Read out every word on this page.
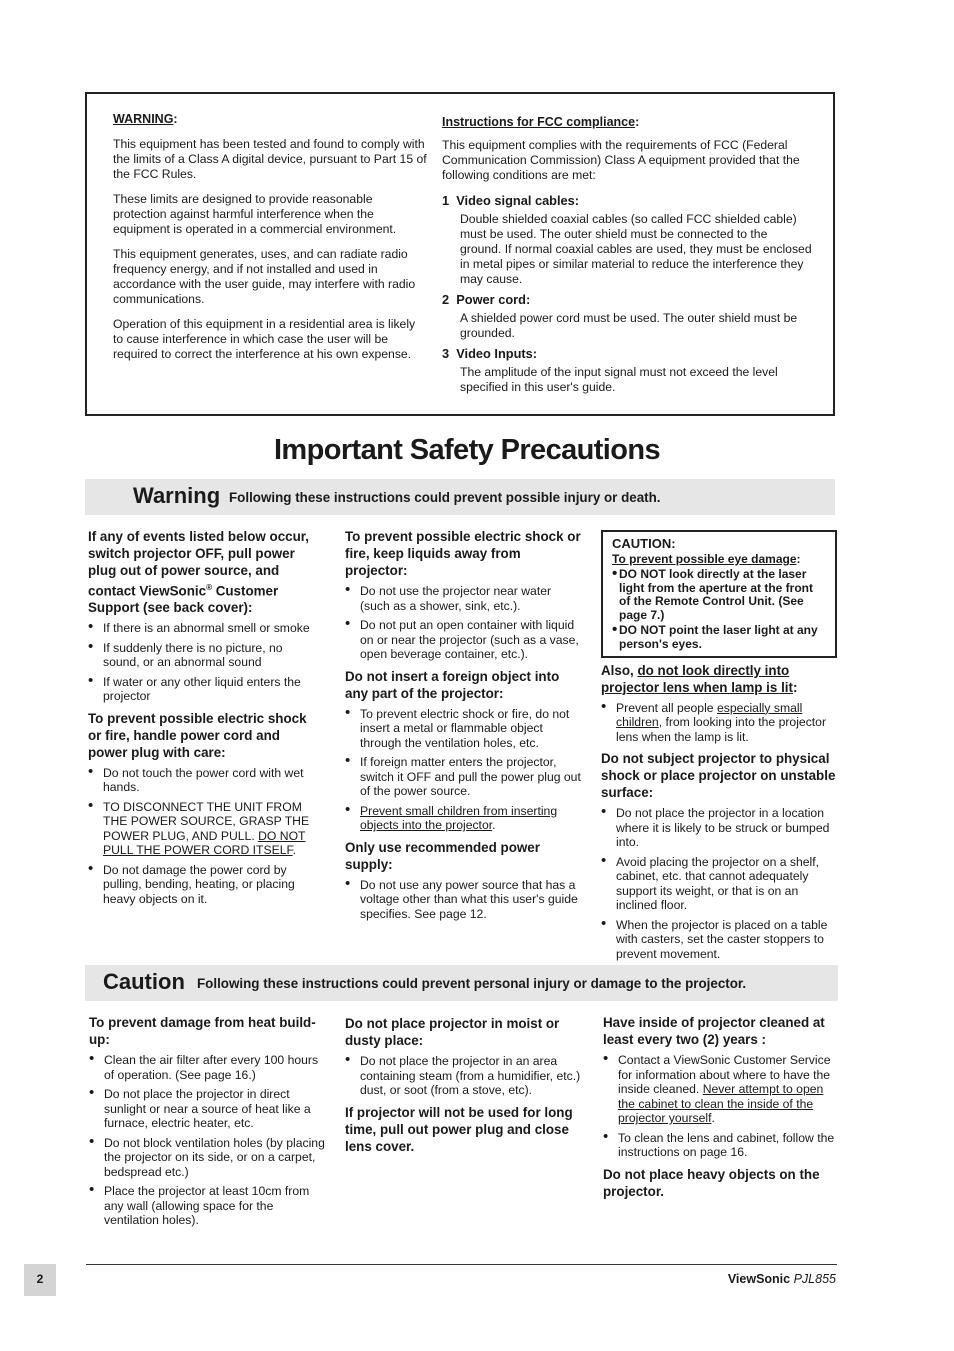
WARNING:
This equipment has been tested and found to comply with the limits of a Class A digital device, pursuant to Part 15 of the FCC Rules.
These limits are designed to provide reasonable protection against harmful interference when the equipment is operated in a commercial environment.
This equipment generates, uses, and can radiate radio frequency energy, and if not installed and used in accordance with the user guide, may interfere with radio communications.
Operation of this equipment in a residential area is likely to cause interference in which case the user will be required to correct the interference at his own expense.
Instructions for FCC compliance:
This equipment complies with the requirements of FCC (Federal Communication Commission) Class A equipment provided that the following conditions are met:
1 Video signal cables:
Double shielded coaxial cables (so called FCC shielded cable) must be used. The outer shield must be connected to the ground. If normal coaxial cables are used, they must be enclosed in metal pipes or similar material to reduce the interference they may cause.
2 Power cord:
A shielded power cord must be used. The outer shield must be grounded.
3 Video Inputs:
The amplitude of the input signal must not exceed the level specified in this user's guide.
Important Safety Precautions
Warning Following these instructions could prevent possible injury or death.
If any of events listed below occur, switch projector OFF, pull power plug out of power source, and contact ViewSonic® Customer Support (see back cover):
• If there is an abnormal smell or smoke
• If suddenly there is no picture, no sound, or an abnormal sound
• If water or any other liquid enters the projector
To prevent possible electric shock or fire, handle power cord and power plug with care:
• Do not touch the power cord with wet hands.
• TO DISCONNECT THE UNIT FROM THE POWER SOURCE, GRASP THE POWER PLUG, AND PULL. DO NOT PULL THE POWER CORD ITSELF.
• Do not damage the power cord by pulling, bending, heating, or placing heavy objects on it.
To prevent possible electric shock or fire, keep liquids away from projector:
• Do not use the projector near water (such as a shower, sink, etc.).
• Do not put an open container with liquid on or near the projector (such as a vase, open beverage container, etc.).
Do not insert a foreign object into any part of the projector:
• To prevent electric shock or fire, do not insert a metal or flammable object through the ventilation holes, etc.
• If foreign matter enters the projector, switch it OFF and pull the power plug out of the power source.
• Prevent small children from inserting objects into the projector.
Only use recommended power supply:
• Do not use any power source that has a voltage other than what this user's guide specifies. See page 12.
CAUTION:
To prevent possible eye damage:
• DO NOT look directly at the laser light from the aperture at the front of the Remote Control Unit. (See page 7.)
• DO NOT point the laser light at any person's eyes.
Also, do not look directly into projector lens when lamp is lit:
• Prevent all people especially small children, from looking into the projector lens when the lamp is lit.
Do not subject projector to physical shock or place projector on unstable surface:
• Do not place the projector in a location where it is likely to be struck or bumped into.
• Avoid placing the projector on a shelf, cabinet, etc. that cannot adequately support its weight, or that is on an inclined floor.
• When the projector is placed on a table with casters, set the caster stoppers to prevent movement.
Caution Following these instructions could prevent personal injury or damage to the projector.
To prevent damage from heat build-up:
• Clean the air filter after every 100 hours of operation. (See page 16.)
• Do not place the projector in direct sunlight or near a source of heat like a furnace, electric heater, etc.
• Do not block ventilation holes (by placing the projector on its side, or on a carpet, bedspread etc.)
• Place the projector at least 10cm from any wall (allowing space for the ventilation holes).
Do not place projector in moist or dusty place:
• Do not place the projector in an area containing steam (from a humidifier, etc.) dust, or soot (from a stove, etc).
If projector will not be used for long time, pull out power plug and close lens cover.
Have inside of projector cleaned at least every two (2) years :
• Contact a ViewSonic Customer Service for information about where to have the inside cleaned. Never attempt to open the cabinet to clean the inside of the projector yourself.
• To clean the lens and cabinet, follow the instructions on page 16.
Do not place heavy objects on the projector.
2	ViewSonic PJL855
